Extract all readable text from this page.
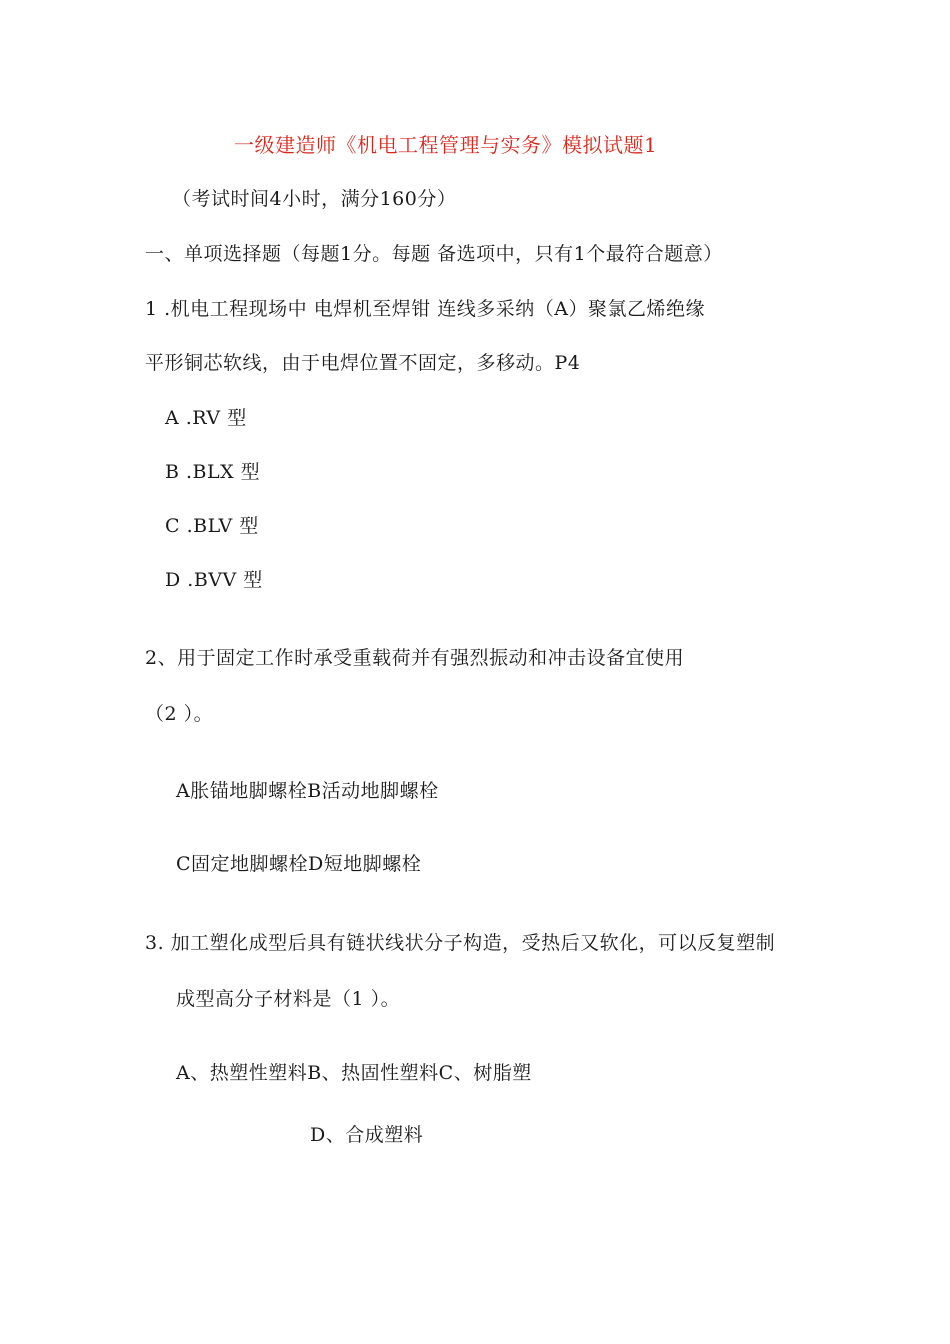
一级建造师《机电工程管理与实务》模拟试题1
（考试时间4小时，满分160分）
一、单项选择题（每题1分。每题 备选项中，只有1个最符合题意）
1 .机电工程现场中 电焊机至焊钳 连线多采纳（A）聚氯乙烯绝缘
平形铜芯软线，由于电焊位置不固定，多移动。P4
A .RV 型
B .BLX 型
C .BLV 型
D .BVV 型
2、用于固定工作时承受重载荷并有强烈振动和冲击设备宜使用
（2 ）。
A胀锚地脚螺栓B活动地脚螺栓
C固定地脚螺栓D短地脚螺栓
3. 加工塑化成型后具有链状线状分子构造，受热后又软化，可以反复塑制
成型高分子材料是（1 ）。
A、热塑性塑料B、热固性塑料C、树脂塑
D、合成塑料
